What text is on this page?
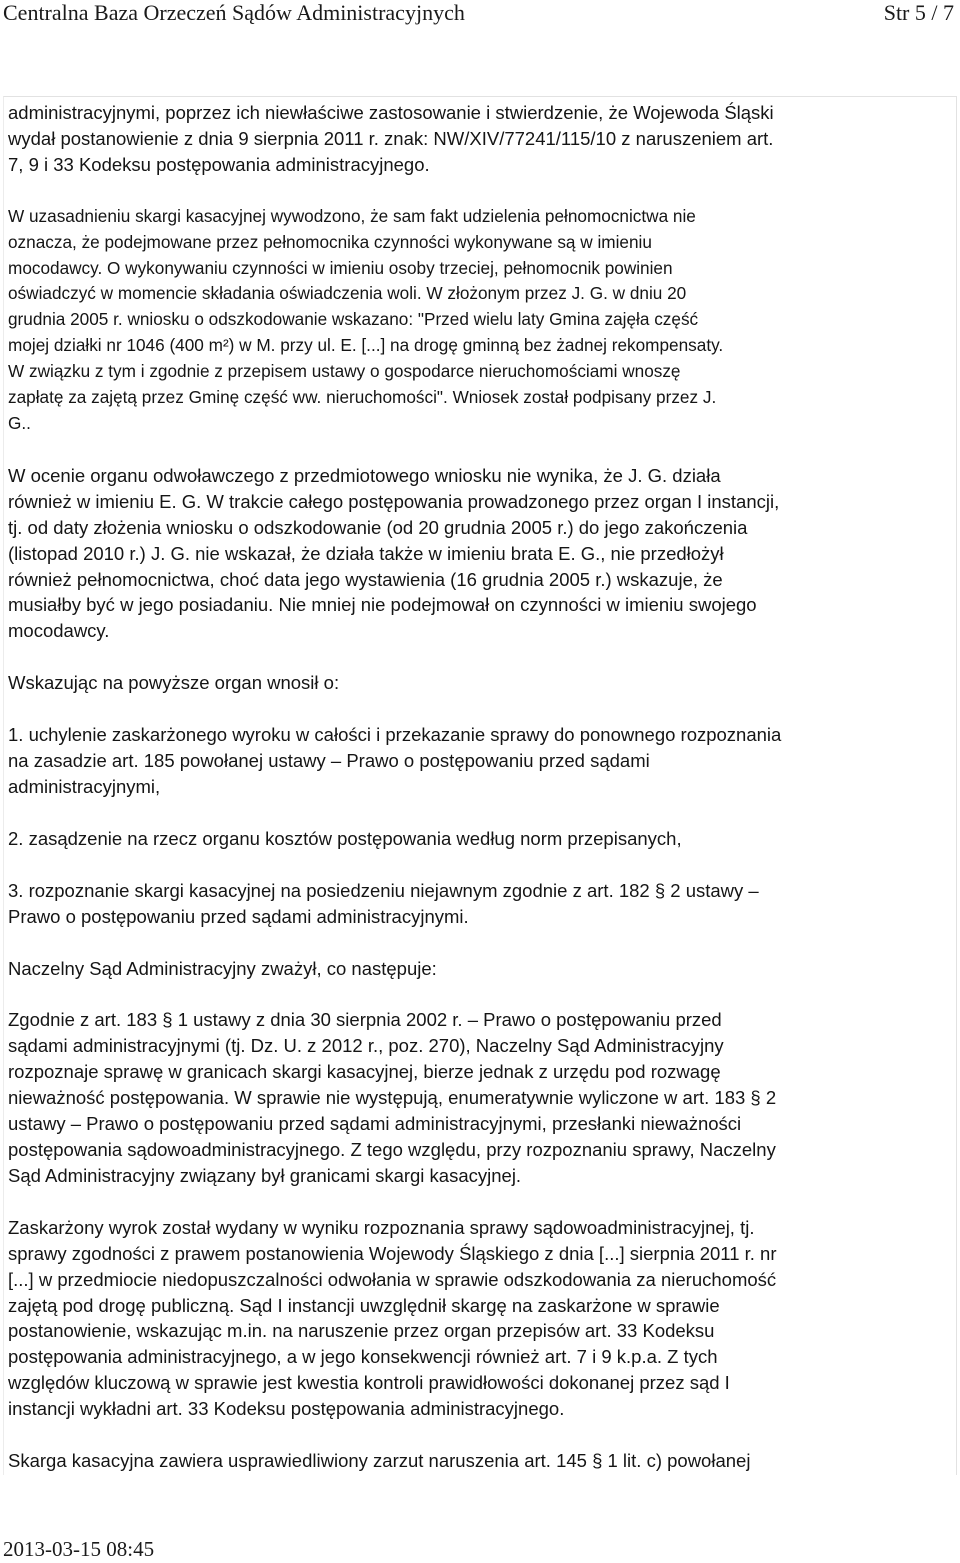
Centralna Baza Orzeczeń Sądów Administracyjnych	Str 5 / 7

administracyjnymi, poprzez ich niewłaściwe zastosowanie i stwierdzenie, że Wojewoda Śląski

wydał postanowienie z dnia 9 sierpnia 2011 r. znak: NW/XIV/77241/115/10 z naruszeniem art.

7, 9 i 33 Kodeksu postępowania administracyjnego.

W uzasadnieniu skargi kasacyjnej wywodzono, że sam fakt udzielenia pełnomocnictwa nie

oznacza, że podejmowane przez pełnomocnika czynności wykonywane są w imieniu

mocodawcy. O wykonywaniu czynności w imieniu osoby trzeciej, pełnomocnik powinien

oświadczyć w momencie składania oświadczenia woli. W złożonym przez J. G. w dniu 20

grudnia 2005 r. wniosku o odszkodowanie wskazano: "Przed wielu laty Gmina zajęła część

mojej działki nr 1046 (400 m²) w M. przy ul. E. [...] na drogę gminną bez żadnej rekompensaty.

W związku z tym i zgodnie z przepisem ustawy o gospodarce nieruchomościami wnoszę

zapłatę za zajętą przez Gminę część ww. nieruchomości". Wniosek został podpisany przez J.

G..

W ocenie organu odwoławczego z przedmiotowego wniosku nie wynika, że J. G. działa

również w imieniu E. G. W trakcie całego postępowania prowadzonego przez organ I instancji,

tj. od daty złożenia wniosku o odszkodowanie (od 20 grudnia 2005 r.) do jego zakończenia

(listopad 2010 r.) J. G. nie wskazał, że działa także w imieniu brata E. G., nie przedłożył

również pełnomocnictwa, choć data jego wystawienia (16 grudnia 2005 r.) wskazuje, że

musiałby być w jego posiadaniu. Nie mniej nie podejmował on czynności w imieniu swojego

mocodawcy.

Wskazując na powyższe organ wnosił o:

1. uchylenie zaskarżonego wyroku w całości i przekazanie sprawy do ponownego rozpoznania

na zasadzie art. 185 powołanej ustawy – Prawo o postępowaniu przed sądami

administracyjnymi,

2. zasądzenie na rzecz organu kosztów postępowania według norm przepisanych,

3. rozpoznanie skargi kasacyjnej na posiedzeniu niejawnym zgodnie z art. 182 § 2 ustawy –

Prawo o postępowaniu przed sądami administracyjnymi.

Naczelny Sąd Administracyjny zważył, co następuje:

Zgodnie z art. 183 § 1 ustawy z dnia 30 sierpnia 2002 r. – Prawo o postępowaniu przed

sądami administracyjnymi (tj. Dz. U. z 2012 r., poz. 270), Naczelny Sąd Administracyjny

rozpoznaje sprawę w granicach skargi kasacyjnej, bierze jednak z urzędu pod rozwagę

nieważność postępowania. W sprawie nie występują, enumeratywnie wyliczone w art. 183 § 2

ustawy – Prawo o postępowaniu przed sądami administracyjnymi, przesłanki nieważności

postępowania sądowoadministracyjnego. Z tego względu, przy rozpoznaniu sprawy, Naczelny

Sąd Administracyjny związany był granicami skargi kasacyjnej.

Zaskarżony wyrok został wydany w wyniku rozpoznania sprawy sądowoadministracyjnej, tj.

sprawy zgodności z prawem postanowienia Wojewody Śląskiego z dnia [...] sierpnia 2011 r. nr

[...] w przedmiocie niedopuszczalności odwołania w sprawie odszkodowania za nieruchomość

zajętą pod drogę publiczną. Sąd I instancji uwzględnił skargę na zaskarżone w sprawie

postanowienie, wskazując m.in. na naruszenie przez organ przepisów art. 33 Kodeksu

postępowania administracyjnego, a w jego konsekwencji również art. 7 i 9 k.p.a. Z tych

względów kluczową w sprawie jest kwestia kontroli prawidłowości dokonanej przez sąd I

instancji wykładni art. 33 Kodeksu postępowania administracyjnego.

Skarga kasacyjna zawiera usprawiedliwiony zarzut naruszenia art. 145 § 1 lit. c) powołanej

2013-03-15 08:45
